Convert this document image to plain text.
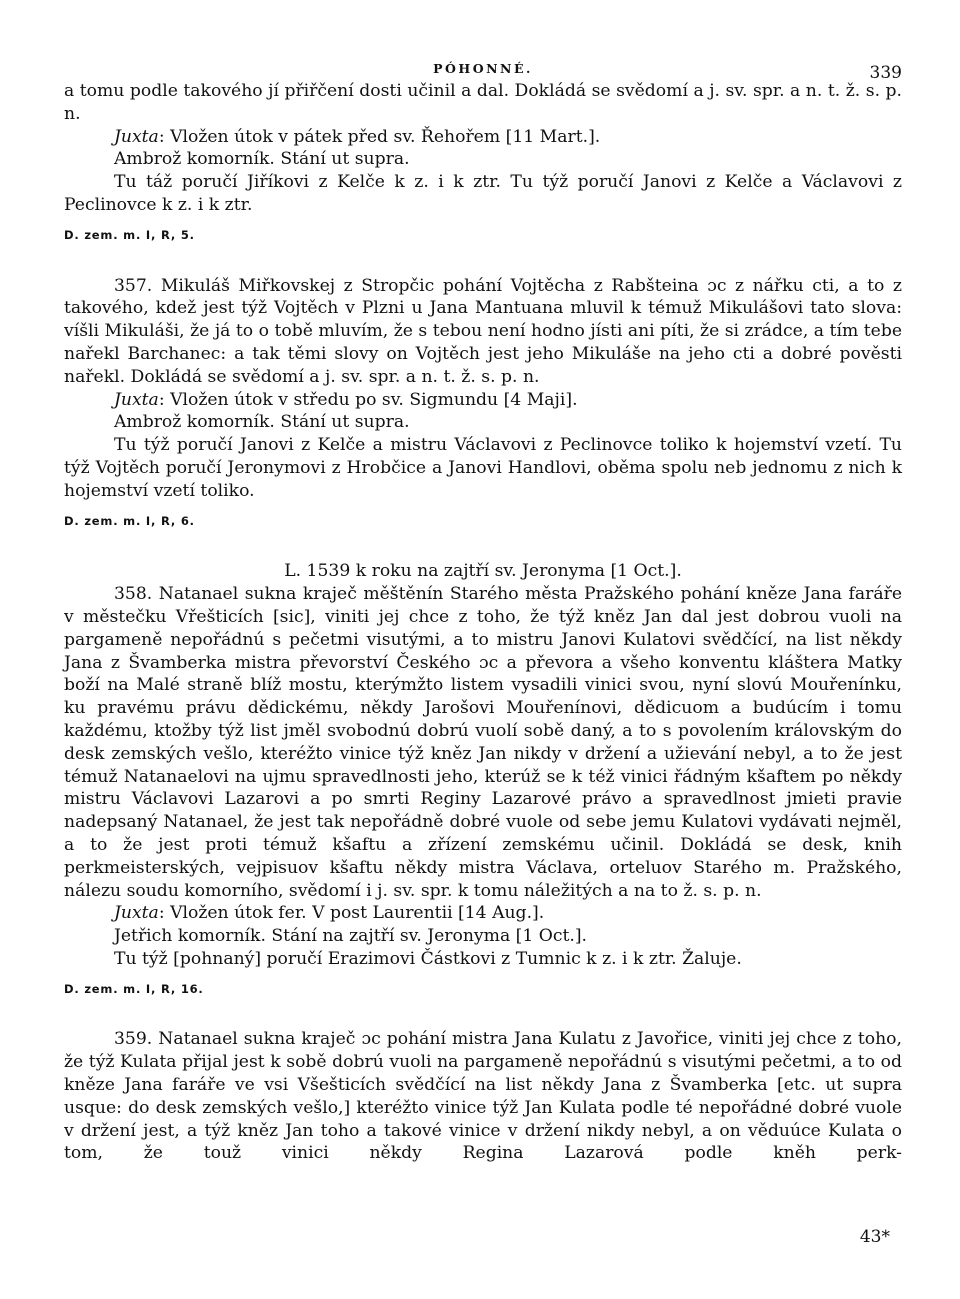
PÓHONNÉ.	339

a tomu podle takového jí přiřčení dosti učinil a dal. Dokládá se svědomí a j. sv. spr. a n. t. ž. s. p. n.

Juxta: Vložen útok v pátek před sv. Řehořem [11 Mart.].

Ambrož komorník. Stání ut supra.

Tu táž poručí Jiříkovi z Kelče k z. i k ztr. Tu týž poručí Janovi z Kelče a Václavovi z Peclinovce k z. i k ztr.

D. zem. m. I, R, 5.

357. Mikuláš Miřkovskej z Stropčic pohání Vojtěcha z Rabšteina ɔc z nářku cti, a to z takového, kdež jest týž Vojtěch v Plzni u Jana Mantuana mluvil k témuž Mikulášovi tato slova: víšli Mikuláši, že já to o tobě mluvím, že s tebou není hodno jísti ani píti, že si zrádce, a tím tebe nařekl Barchanec: a tak těmi slovy on Vojtěch jest jeho Mikuláše na jeho cti a dobré pověsti nařekl. Dokládá se svědomí a j. sv. spr. a n. t. ž. s. p. n.

Juxta: Vložen útok v středu po sv. Sigmundu [4 Maji].

Ambrož komorník. Stání ut supra.

Tu týž poručí Janovi z Kelče a mistru Václavovi z Peclinovce toliko k hojemství vzetí. Tu týž Vojtěch poručí Jeronymovi z Hrobčice a Janovi Handlovi, oběma spolu neb jednomu z nich k hojemství vzetí toliko.

D. zem. m. I, R, 6.

L. 1539 k roku na zajtří sv. Jeronyma [1 Oct.].

358. Natanael sukna kraječ měštěnín Starého města Pražského pohání kněze Jana faráře v městečku Vřešticích [sic], viniti jej chce z toho, že týž kněz Jan dal jest dobrou vuoli na pargameně nepořádnú s pečetmi visutými, a to mistru Janovi Kulatovi svědčící, na list někdy Jana z Švamberka mistra převorství Českého ɔc a převora a všeho konventu kláštera Matky boží na Malé straně blíž mostu, kterýmžto listem vysadili vinici svou, nyní slovú Mouřenínku, ku pravému právu dědickému, někdy Jarošovi Mouřenínovi, dědicuom a budúcím i tomu každému, ktožby týž list jměl svobodnú dobrú vuolí sobě daný, a to s povolením královským do desk zemských vešlo, kteréžto vinice týž kněz Jan nikdy v držení a užievání nebyl, a to že jest témuž Natanaelovi na ujmu spravedlnosti jeho, kterúž se k též vinici řádným kšaftem po někdy mistru Václavovi Lazarovi a po smrti Reginy Lazarové právo a spravedlnost jmieti pravie nadepsaný Natanael, že jest tak nepořádně dobré vuole od sebe jemu Kulatovi vydávati nejměl, a to že jest proti témuž kšaftu a zřízení zemskému učinil. Dokládá se desk, knih perkmeisterských, vejpisuov kšaftu někdy mistra Václava, orteluov Starého m. Pražského, nálezu soudu komorního, svědomí i j. sv. spr. k tomu náležitých a na to ž. s. p. n.

Juxta: Vložen útok fer. V post Laurentii [14 Aug.].

Jetřich komorník. Stání na zajtří sv. Jeronyma [1 Oct.].

Tu týž [pohnaný] poručí Erazimovi Částkovi z Tumnic k z. i k ztr. Žaluje.

D. zem. m. I, R, 16.

359. Natanael sukna kraječ ɔc pohání mistra Jana Kulatu z Javořice, viniti jej chce z toho, že týž Kulata přijal jest k sobě dobrú vuoli na pargameně nepořádnú s visutými pečetmi, a to od kněze Jana faráře ve vsi Všešticích svědčící na list někdy Jana z Švamberka [etc. ut supra usque: do desk zemských vešlo,] kteréžto vinice týž Jan Kulata podle té nepořádné dobré vuole v držení jest, a týž kněz Jan toho a takové vinice v držení nikdy nebyl, a on věduúce Kulata o tom, že touž vinici někdy Regina Lazarová podle kněh perk-

43*
